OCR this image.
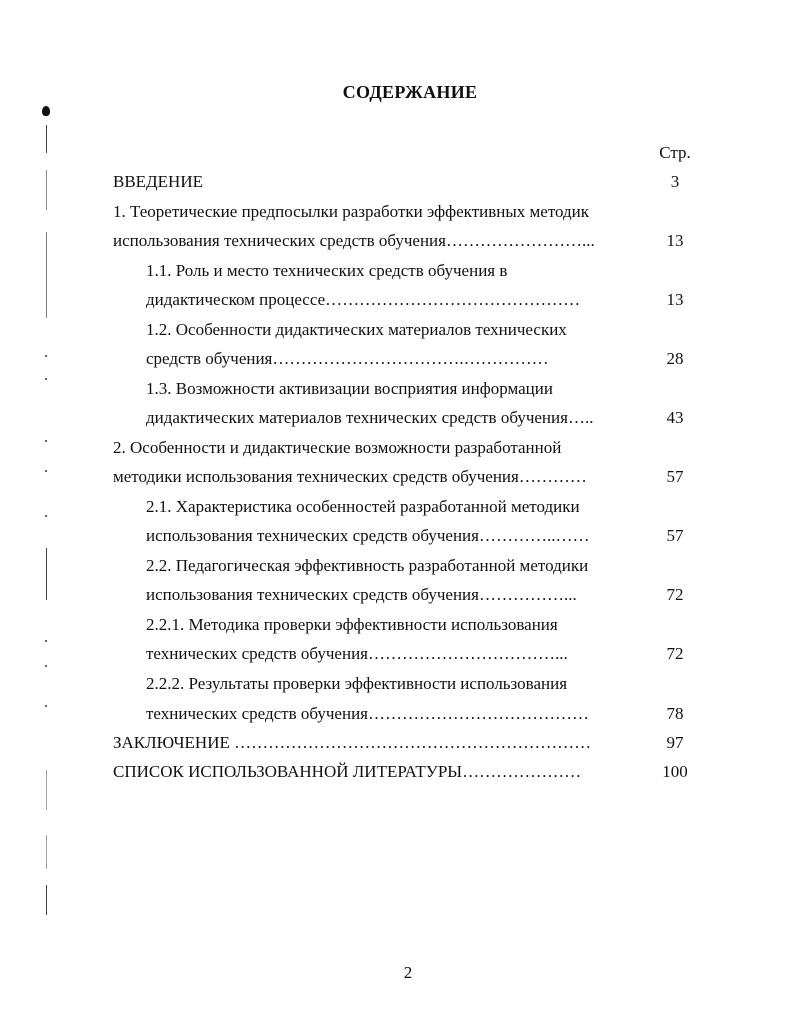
СОДЕРЖАНИЕ
Стр.
ВВЕДЕНИЕ	3
1. Теоретические предпосылки разработки эффективных методик
использования технических средств обучения……………………...	13
1.1. Роль и место технических средств обучения в
дидактическом процессе………………………………………	13
1.2. Особенности дидактических материалов технических
средств обучения…………………………….……………	28
1.3. Возможности активизации восприятия информации
дидактических материалов технических средств обучения…..	43
2. Особенности и дидактические возможности разработанной
методики использования технических средств обучения…………	57
2.1. Характеристика особенностей разработанной методики
использования технических средств обучения…………..……	57
2.2. Педагогическая эффективность разработанной методики
использования технических средств обучения……………...	72
2.2.1. Методика проверки эффективности использования
технических средств обучения……………………………...	72
2.2.2. Результаты проверки эффективности использования
технических средств обучения…………………………………	78
ЗАКЛЮЧЕНИЕ ………………………………………………………	97
СПИСОК ИСПОЛЬЗОВАННОЙ ЛИТЕРАТУРЫ…………………	100
2
